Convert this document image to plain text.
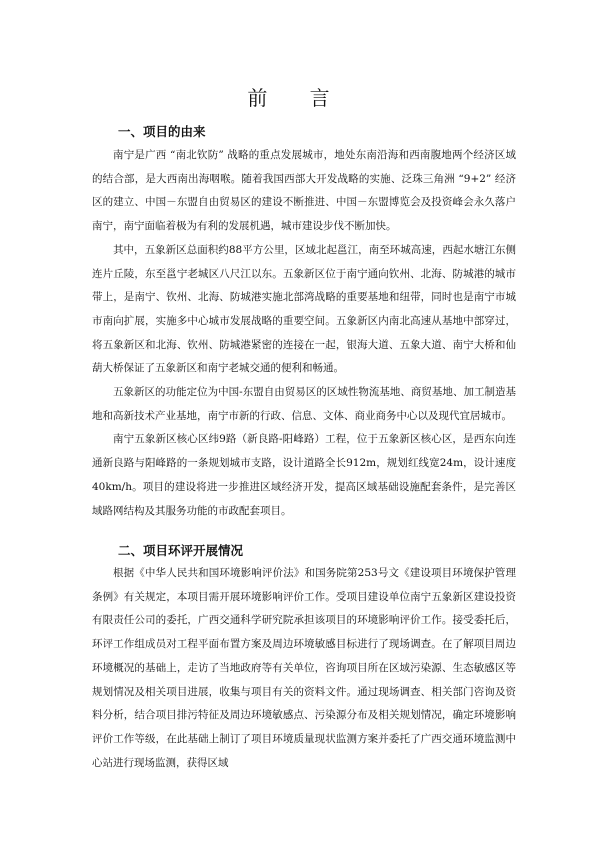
前 言
一、项目的由来

南宁是广西 “南北钦防” 战略的重点发展城市，地处东南沿海和西南腹地两个经济区域的结合部，是大西南出海咽喉。随着我国西部大开发战略的实施、泛珠三角洲 “9+2” 经济区的建立、中国－东盟自由贸易区的建设不断推进、中国－东盟博览会及投资峰会永久落户南宁，南宁面临着极为有利的发展机遇，城市建设步伐不断加快。

其中，五象新区总面积约88平方公里，区域北起邕江，南至环城高速，西起水塘江东侧连片丘陵，东至邕宁老城区八尺江以东。五象新区位于南宁通向钦州、北海、防城港的城市带上，是南宁、钦州、北海、防城港实施北部湾战略的重要基地和纽带，同时也是南宁市城市南向扩展，实施多中心城市发展战略的重要空间。五象新区内南北高速从基地中部穿过，将五象新区和北海、钦州、防城港紧密的连接在一起，银海大道、五象大道、南宁大桥和仙葫大桥保证了五象新区和南宁老城交通的便利和畅通。

五象新区的功能定位为中国-东盟自由贸易区的区域性物流基地、商贸基地、加工制造基地和高新技术产业基地，南宁市新的行政、信息、文体、商业商务中心以及现代宜居城市。

南宁五象新区核心区纬9路（新良路-阳峰路）工程，位于五象新区核心区，是西东向连通新良路与阳峰路的一条规划城市支路，设计道路全长912m，规划红线宽24m，设计速度40km/h。项目的建设将进一步推进区域经济开发，提高区域基础设施配套条件，是完善区域路网结构及其服务功能的市政配套项目。

二、项目环评开展情况

根据《中华人民共和国环境影响评价法》和国务院第253号文《建设项目环境保护管理条例》有关规定，本项目需开展环境影响评价工作。受项目建设单位南宁五象新区建设投资有限责任公司的委托，广西交通科学研究院承担该项目的环境影响评价工作。接受委托后，环评工作组成员对工程平面布置方案及周边环境敏感目标进行了现场调查。在了解项目周边环境概况的基础上，走访了当地政府等有关单位，咨询项目所在区域污染源、生态敏感区等规划情况及相关项目进展，收集与项目有关的资料文件。通过现场调查、相关部门咨询及资料分析，结合项目排污特征及周边环境敏感点、污染源分布及相关规划情况，确定环境影响评价工作等级，在此基础上制订了项目环境质量现状监测方案并委托了广西交通环境监测中心站进行现场监测，获得区域
